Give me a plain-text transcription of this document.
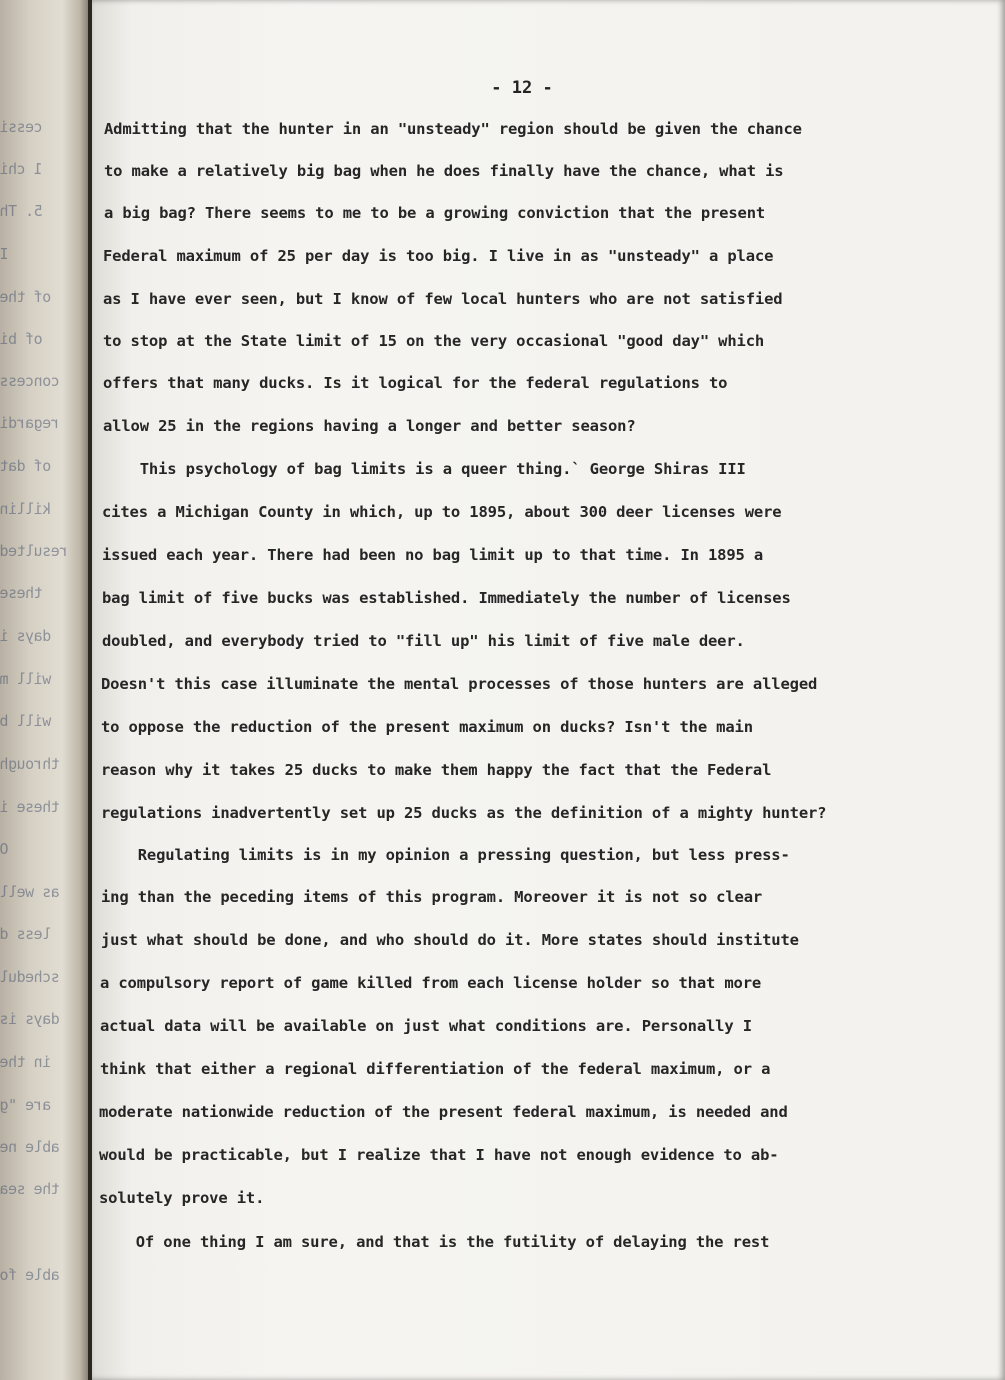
cessi
1 chi
5. Th
I
of the
of bi
concess
regardi
of dat
killin
resulted
these
days i
will m
will b
through
these i
O
as well
less d
schedul
days is
in the
are "g
able ne
the sea
able fo
- 12 -
Admitting that the hunter in an "unsteady" region should be given the chance
to make a relatively big bag when he does finally have the chance, what is
a big bag? There seems to me to be a growing conviction that the present
Federal maximum of 25 per day is too big. I live in as "unsteady" a place
as I have ever seen, but I know of few local hunters who are not satisfied
to stop at the State limit of 15 on the very occasional "good day" which
offers that many ducks. Is it logical for the federal regulations to
allow 25 in the regions having a longer and better season?
This psychology of bag limits is a queer thing.` George Shiras III
cites a Michigan County in which, up to 1895, about 300 deer licenses were
issued each year. There had been no bag limit up to that time. In 1895 a
bag limit of five bucks was established. Immediately the number of licenses
doubled, and everybody tried to "fill up" his limit of five male deer.
Doesn't this case illuminate the mental processes of those hunters are alleged
to oppose the reduction of the present maximum on ducks? Isn't the main
reason why it takes 25 ducks to make them happy the fact that the Federal
regulations inadvertently set up 25 ducks as the definition of a mighty hunter?
Regulating limits is in my opinion a pressing question, but less press-
ing than the peceding items of this program. Moreover it is not so clear
just what should be done, and who should do it. More states should institute
a compulsory report of game killed from each license holder so that more
actual data will be available on just what conditions are. Personally I
think that either a regional differentiation of the federal maximum, or a
moderate nationwide reduction of the present federal maximum, is needed and
would be practicable, but I realize that I have not enough evidence to ab-
solutely prove it.
Of one thing I am sure, and that is the futility of delaying the rest
